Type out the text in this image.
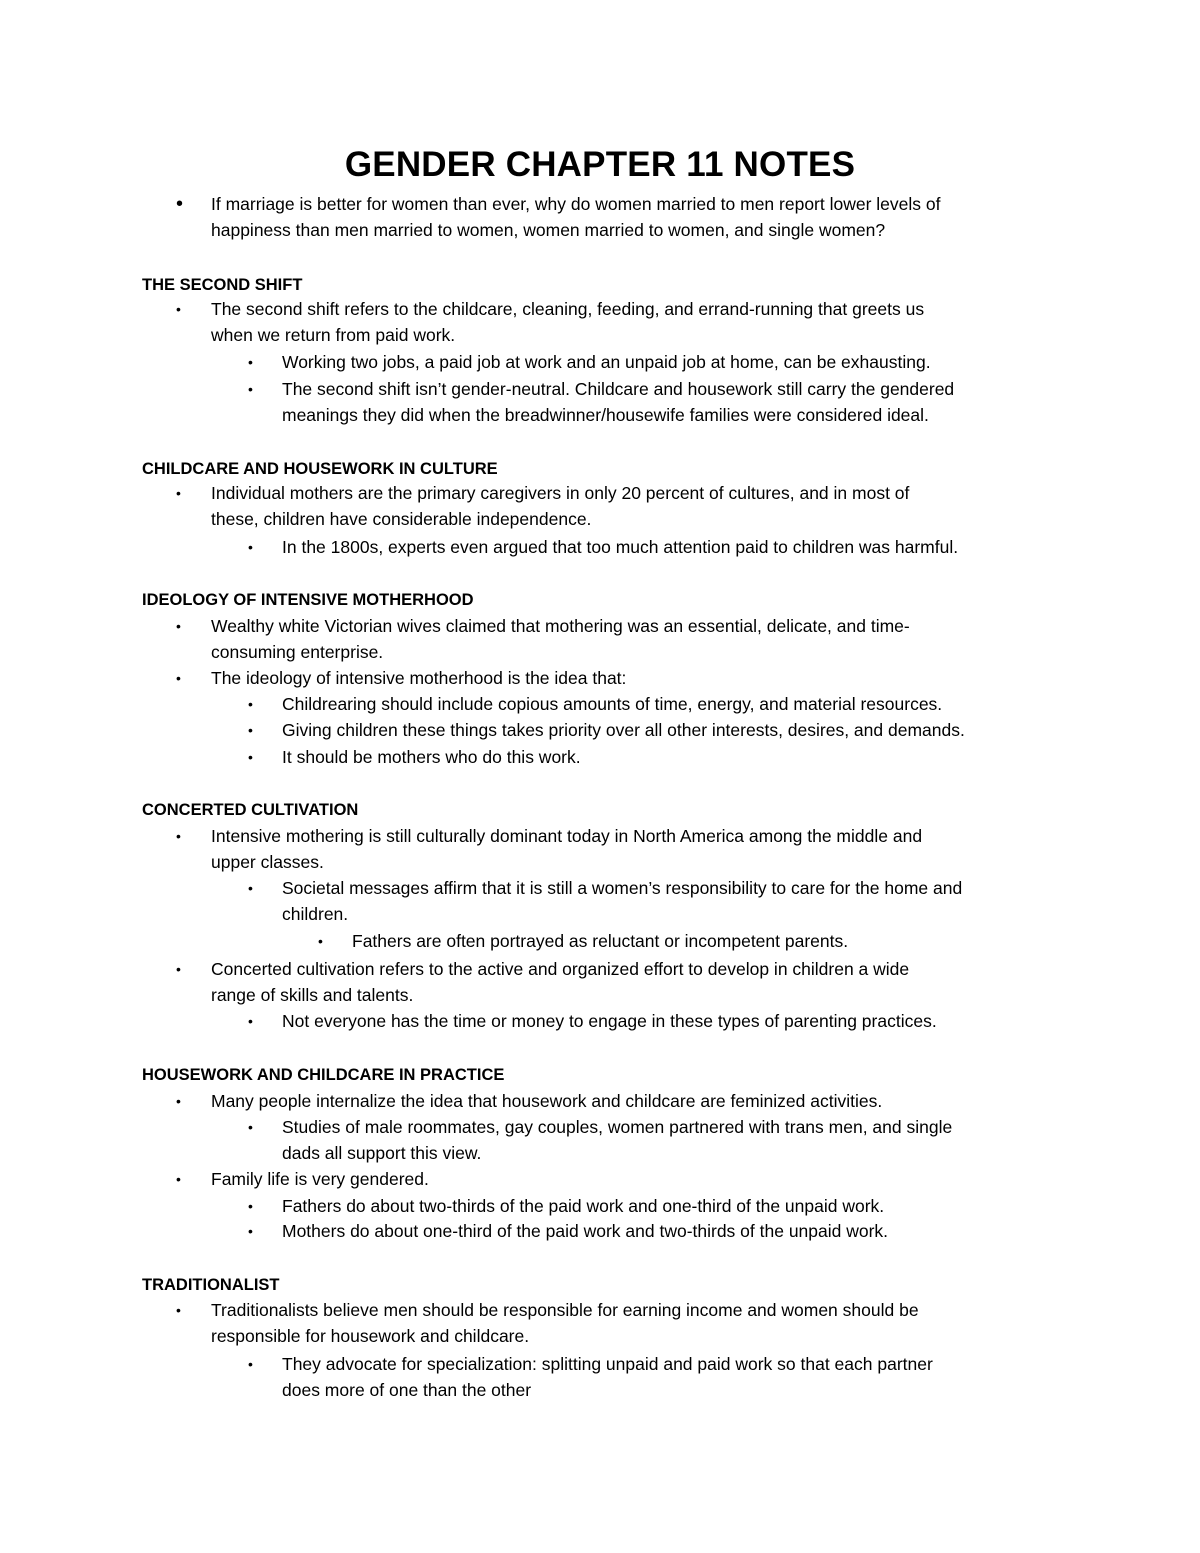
GENDER CHAPTER 11 NOTES
• If marriage is better for women than ever, why do women married to men report lower levels of
happiness than men married to women, women married to women, and single women?
THE SECOND SHIFT
• The second shift refers to the childcare, cleaning, feeding, and errand-running that greets us
when we return from paid work.
• Working two jobs, a paid job at work and an unpaid job at home, can be exhausting.
• The second shift isn’t gender-neutral. Childcare and housework still carry the gendered
meanings they did when the breadwinner/housewife families were considered ideal.
CHILDCARE AND HOUSEWORK IN CULTURE
• Individual mothers are the primary caregivers in only 20 percent of cultures, and in most of
these, children have considerable independence.
• In the 1800s, experts even argued that too much attention paid to children was harmful.
IDEOLOGY OF INTENSIVE MOTHERHOOD
• Wealthy white Victorian wives claimed that mothering was an essential, delicate, and time-
consuming enterprise.
• The ideology of intensive motherhood is the idea that:
• Childrearing should include copious amounts of time, energy, and material resources.
• Giving children these things takes priority over all other interests, desires, and demands.
• It should be mothers who do this work.
CONCERTED CULTIVATION
• Intensive mothering is still culturally dominant today in North America among the middle and
upper classes.
• Societal messages affirm that it is still a women’s responsibility to care for the home and
children.
• Fathers are often portrayed as reluctant or incompetent parents.
• Concerted cultivation refers to the active and organized effort to develop in children a wide
range of skills and talents.
• Not everyone has the time or money to engage in these types of parenting practices.
HOUSEWORK AND CHILDCARE IN PRACTICE
• Many people internalize the idea that housework and childcare are feminized activities.
• Studies of male roommates, gay couples, women partnered with trans men, and single
dads all support this view.
• Family life is very gendered.
• Fathers do about two-thirds of the paid work and one-third of the unpaid work.
• Mothers do about one-third of the paid work and two-thirds of the unpaid work.
TRADITIONALIST
• Traditionalists believe men should be responsible for earning income and women should be
responsible for housework and childcare.
• They advocate for specialization: splitting unpaid and paid work so that each partner
does more of one than the other
